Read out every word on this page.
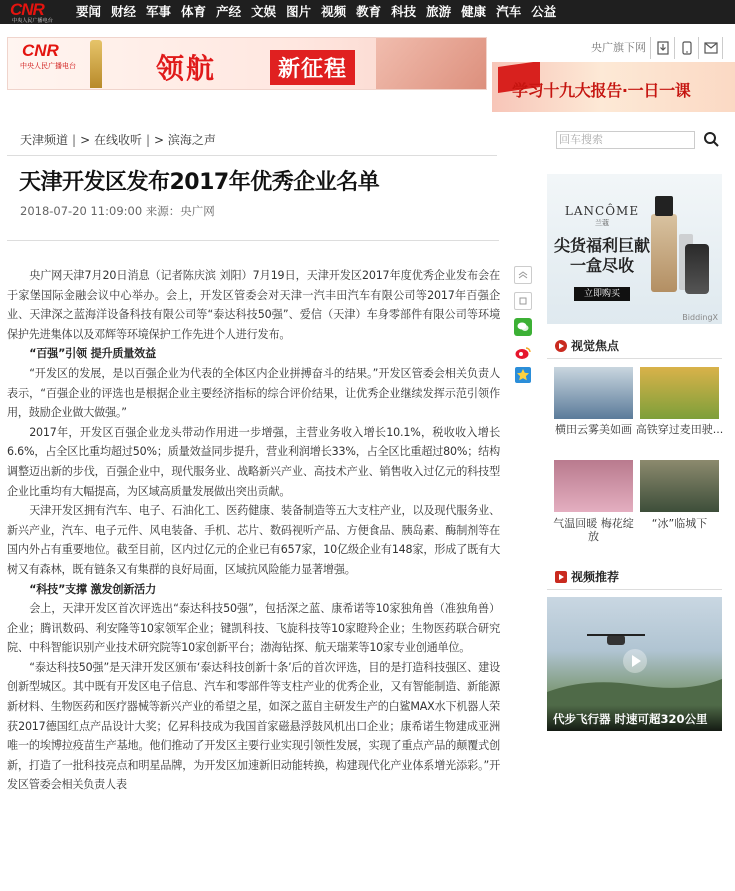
CNR
中央人民广播电台
要闻 财经 军事 体育 产经 文娱 图片 视频 教育 科技 旅游 健康 汽车 公益
CNR
中央人民广播电台	领航	新征程
央广旗下网
学习十九大报告·一日一课
天津频道 | > 在线收听 | > 滨海之声	回车搜索
天津开发区发布2017年优秀企业名单
2018-07-20 11:09:00 来源：央广网

央广网天津7月20日消息（记者陈庆滨 刘阳）7月19日，天津开发区2017年度优秀企业发布会在于家堡国际金融会议中心举办。会上，开发区管委会对天津一汽丰田汽车有限公司等2017年百强企业、天津深之蓝海洋设备科技有限公司等“泰达科技50强”、爱信（天津）车身零部件有限公司等环境保护先进集体以及邓辉等环境保护工作先进个人进行发布。

“百强”引领 提升质量效益

“开发区的发展，是以百强企业为代表的全体区内企业拼搏奋斗的结果。”开发区管委会相关负责人表示，“百强企业的评选也是根据企业主要经济指标的综合评价结果，让优秀企业继续发挥示范引领作用，鼓励企业做大做强。”

2017年，开发区百强企业龙头带动作用进一步增强，主营业务收入增长10.1%，税收收入增长6.6%，占全区比重均超过50%；质量效益同步提升，营业利润增长33%，占全区比重超过80%；结构调整迈出新的步伐，百强企业中，现代服务业、战略新兴产业、高技术产业、销售收入过亿元的科技型企业比重均有大幅提高，为区域高质量发展做出突出贡献。

天津开发区拥有汽车、电子、石油化工、医药健康、装备制造等五大支柱产业，以及现代服务业、新兴产业，汽车、电子元件、风电装备、手机、芯片、数码视听产品、方便食品、胰岛素、酶制剂等在国内外占有重要地位。截至目前，区内过亿元的企业已有657家，10亿级企业有148家，形成了既有大树又有森林，既有链条又有集群的良好局面，区域抗风险能力显著增强。

“科技”支撑 激发创新活力

会上，天津开发区首次评选出“泰达科技50强”，包括深之蓝、康希诺等10家独角兽（准独角兽）企业；腾讯数码、利安隆等10家领军企业；键凯科技、飞旋科技等10家瞪羚企业；生物医药联合研究院、中科智能识别产业技术研究院等10家创新平台；渤海钻探、航天瑞莱等10家专业创通单位。

“泰达科技50强”是天津开发区颁布‘泰达科技创新十条’后的首次评选，目的是打造科技强区、建设创新型城区。其中既有开发区电子信息、汽车和零部件等支柱产业的优秀企业，又有智能制造、新能源新材料、生物医药和医疗器械等新兴产业的希望之星，如深之蓝自主研发生产的白鲨MAX水下机器人荣获2017德国红点产品设计大奖；亿昇科技成为我国首家磁悬浮鼓风机出口企业；康希诺生物建成亚洲唯一的埃博拉疫苗生产基地。他们推动了开发区主要行业实现引领性发展，实现了重点产品的颠覆式创新，打造了一批科技亮点和明星品牌，为开发区加速新旧动能转换，构建现代化产业体系增光添彩。”开发区管委会相关负责人表

LANCÔME
兰蔻
尖货福利巨献 一盒尽收
立即购买
BiddingX
视觉焦点
横田云雾美如画 高铁穿过麦田驶...
气温回暖 梅花绽放
“冰”临城下
视频推荐
代步飞行器 时速可超320公里
